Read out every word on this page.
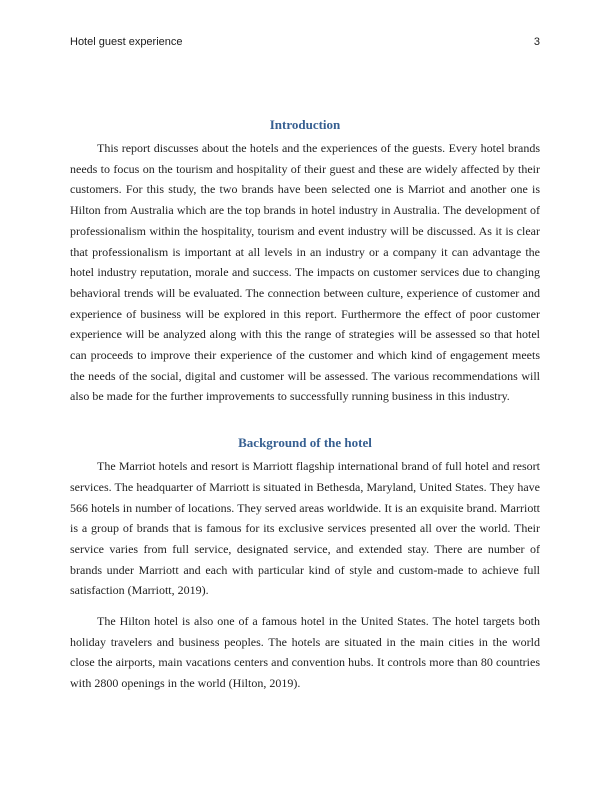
Hotel guest experience	3
Introduction

This report discusses about the hotels and the experiences of the guests. Every hotel brands needs to focus on the tourism and hospitality of their guest and these are widely affected by their customers. For this study, the two brands have been selected one is Marriot and another one is Hilton from Australia which are the top brands in hotel industry in Australia. The development of professionalism within the hospitality, tourism and event industry will be discussed. As it is clear that professionalism is important at all levels in an industry or a company it can advantage the hotel industry reputation, morale and success. The impacts on customer services due to changing behavioral trends will be evaluated. The connection between culture, experience of customer and experience of business will be explored in this report. Furthermore the effect of poor customer experience will be analyzed along with this the range of strategies will be assessed so that hotel can proceeds to improve their experience of the customer and which kind of engagement meets the needs of the social, digital and customer will be assessed. The various recommendations will also be made for the further improvements to successfully running business in this industry.

Background of the hotel

The Marriot hotels and resort is Marriott flagship international brand of full hotel and resort services. The headquarter of Marriott is situated in Bethesda, Maryland, United States. They have 566 hotels in number of locations. They served areas worldwide. It is an exquisite brand. Marriott is a group of brands that is famous for its exclusive services presented all over the world. Their service varies from full service, designated service, and extended stay. There are number of brands under Marriott and each with particular kind of style and custom-made to achieve full satisfaction (Marriott, 2019).

The Hilton hotel is also one of a famous hotel in the United States. The hotel targets both holiday travelers and business peoples. The hotels are situated in the main cities in the world close the airports, main vacations centers and convention hubs. It controls more than 80 countries with 2800 openings in the world (Hilton, 2019).
